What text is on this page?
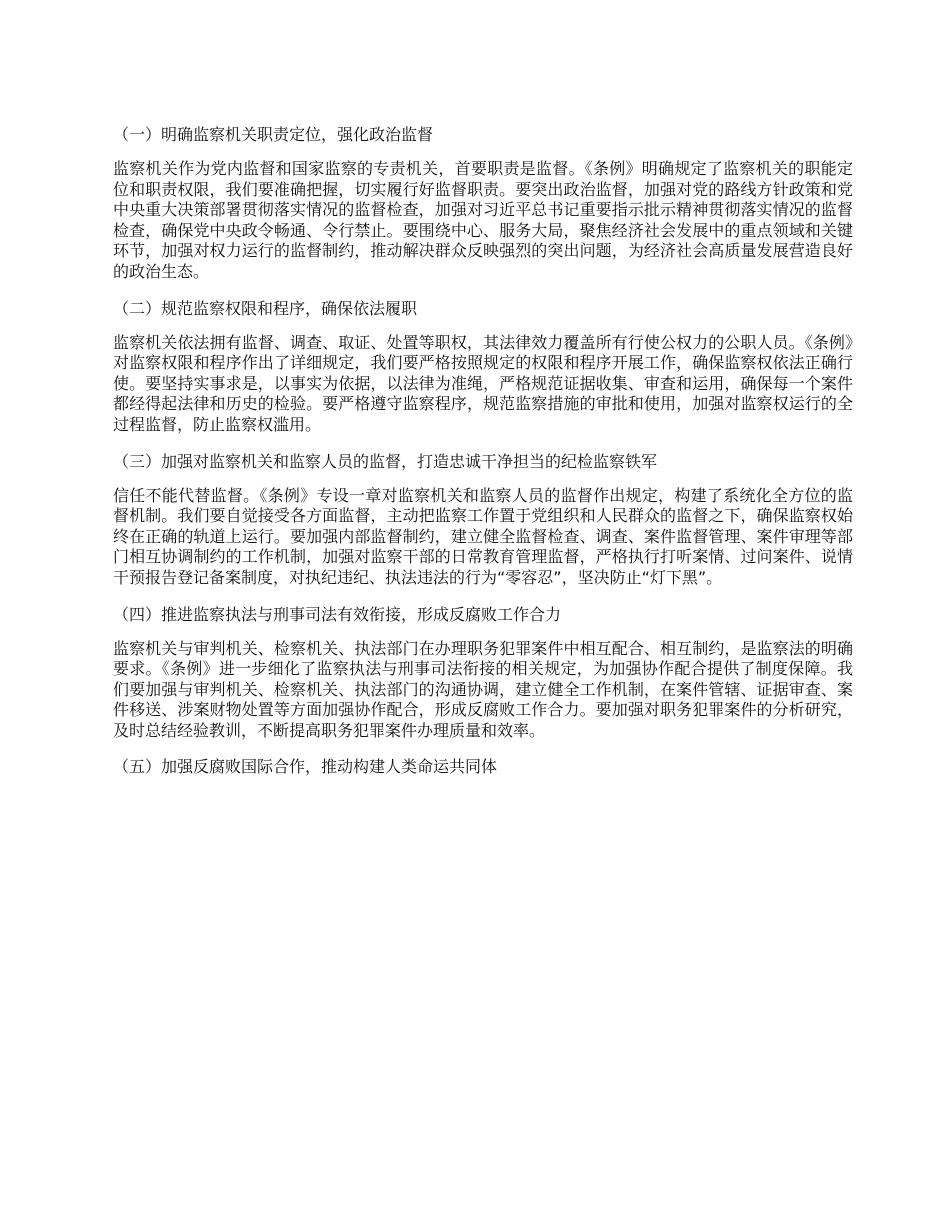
（一）明确监察机关职责定位，强化政治监督
监察机关作为党内监督和国家监察的专责机关，首要职责是监督。《条例》明确规定了监察机关的职能定位和职责权限，我们要准确把握，切实履行好监督职责。要突出政治监督，加强对党的路线方针政策和党中央重大决策部署贯彻落实情况的监督检查，加强对习近平总书记重要指示批示精神贯彻落实情况的监督检查，确保党中央政令畅通、令行禁止。要围绕中心、服务大局，聚焦经济社会发展中的重点领域和关键环节，加强对权力运行的监督制约，推动解决群众反映强烈的突出问题，为经济社会高质量发展营造良好的政治生态。
（二）规范监察权限和程序，确保依法履职
监察机关依法拥有监督、调查、取证、处置等职权，其法律效力覆盖所有行使公权力的公职人员。《条例》对监察权限和程序作出了详细规定，我们要严格按照规定的权限和程序开展工作，确保监察权依法正确行使。要坚持实事求是，以事实为依据，以法律为准绳，严格规范证据收集、审查和运用，确保每一个案件都经得起法律和历史的检验。要严格遵守监察程序，规范监察措施的审批和使用，加强对监察权运行的全过程监督，防止监察权滥用。
（三）加强对监察机关和监察人员的监督，打造忠诚干净担当的纪检监察铁军
信任不能代替监督。《条例》专设一章对监察机关和监察人员的监督作出规定，构建了系统化全方位的监督机制。我们要自觉接受各方面监督，主动把监察工作置于党组织和人民群众的监督之下，确保监察权始终在正确的轨道上运行。要加强内部监督制约，建立健全监督检查、调查、案件监督管理、案件审理等部门相互协调制约的工作机制，加强对监察干部的日常教育管理监督，严格执行打听案情、过问案件、说情干预报告登记备案制度，对执纪违纪、执法违法的行为“零容忍”，坚决防止“灯下黑”。
（四）推进监察执法与刑事司法有效衔接，形成反腐败工作合力
监察机关与审判机关、检察机关、执法部门在办理职务犯罪案件中相互配合、相互制约，是监察法的明确要求。《条例》进一步细化了监察执法与刑事司法衔接的相关规定，为加强协作配合提供了制度保障。我们要加强与审判机关、检察机关、执法部门的沟通协调，建立健全工作机制，在案件管辖、证据审查、案件移送、涉案财物处置等方面加强协作配合，形成反腐败工作合力。要加强对职务犯罪案件的分析研究，及时总结经验教训，不断提高职务犯罪案件办理质量和效率。
（五）加强反腐败国际合作，推动构建人类命运共同体
